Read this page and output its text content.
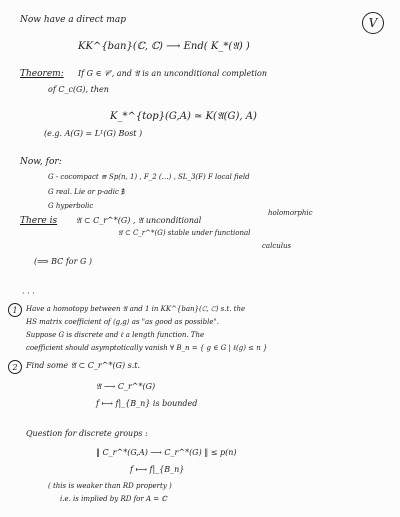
V
Now have a direct map
KK^{ban}(ℂ, ℂ) ⟶ End( K_*(𝔄) )
Theorem: If G ∈ 𝒞′, and 𝔄 is an unconditional completion
of C_c(G), then
K_*^{top}(G,A) ≃ K(𝔄(G), A)
(e.g. A(G) = L¹(G) Bost )
Now, for:
G - cocompact ≅ Sp(n, 1) , F_2 (…) , SL_3(F) F local field
G real. Lie or p-adic ∄
G hyperbolic
There is 𝔄 ⊂ C_r^*(G) , 𝔄 unconditional
holomorphic
𝔄 ⊂ C_r^*(G) stable under functional
calculus
(⟹ BC for G )
· · ·
1	Have a homotopy between 𝔄 and 1 in KK^{ban}(ℂ, ℂ) s.t. the
HS matrix coefficient of ⟨g,g⟩ as "as good as possible".
Suppose G is discrete and ℓ a length function. The
coefficient should asymptotically vanish ∀ B_n = { g ∈ G | ℓ(g) ≤ n }
2	Find some 𝔄 ⊂ C_r^*(G) s.t.
𝔄 ⟶ C_r^*(G)
f ⟼ f|_{B_n} is bounded
Question for discrete groups :
‖ C_r^*(G,A) ⟶ C_r^*(G) ‖ ≤ p(n)
f ⟼ f|_{B_n}
( this is weaker than RD property )
i.e. is implied by RD for A = ℂ
